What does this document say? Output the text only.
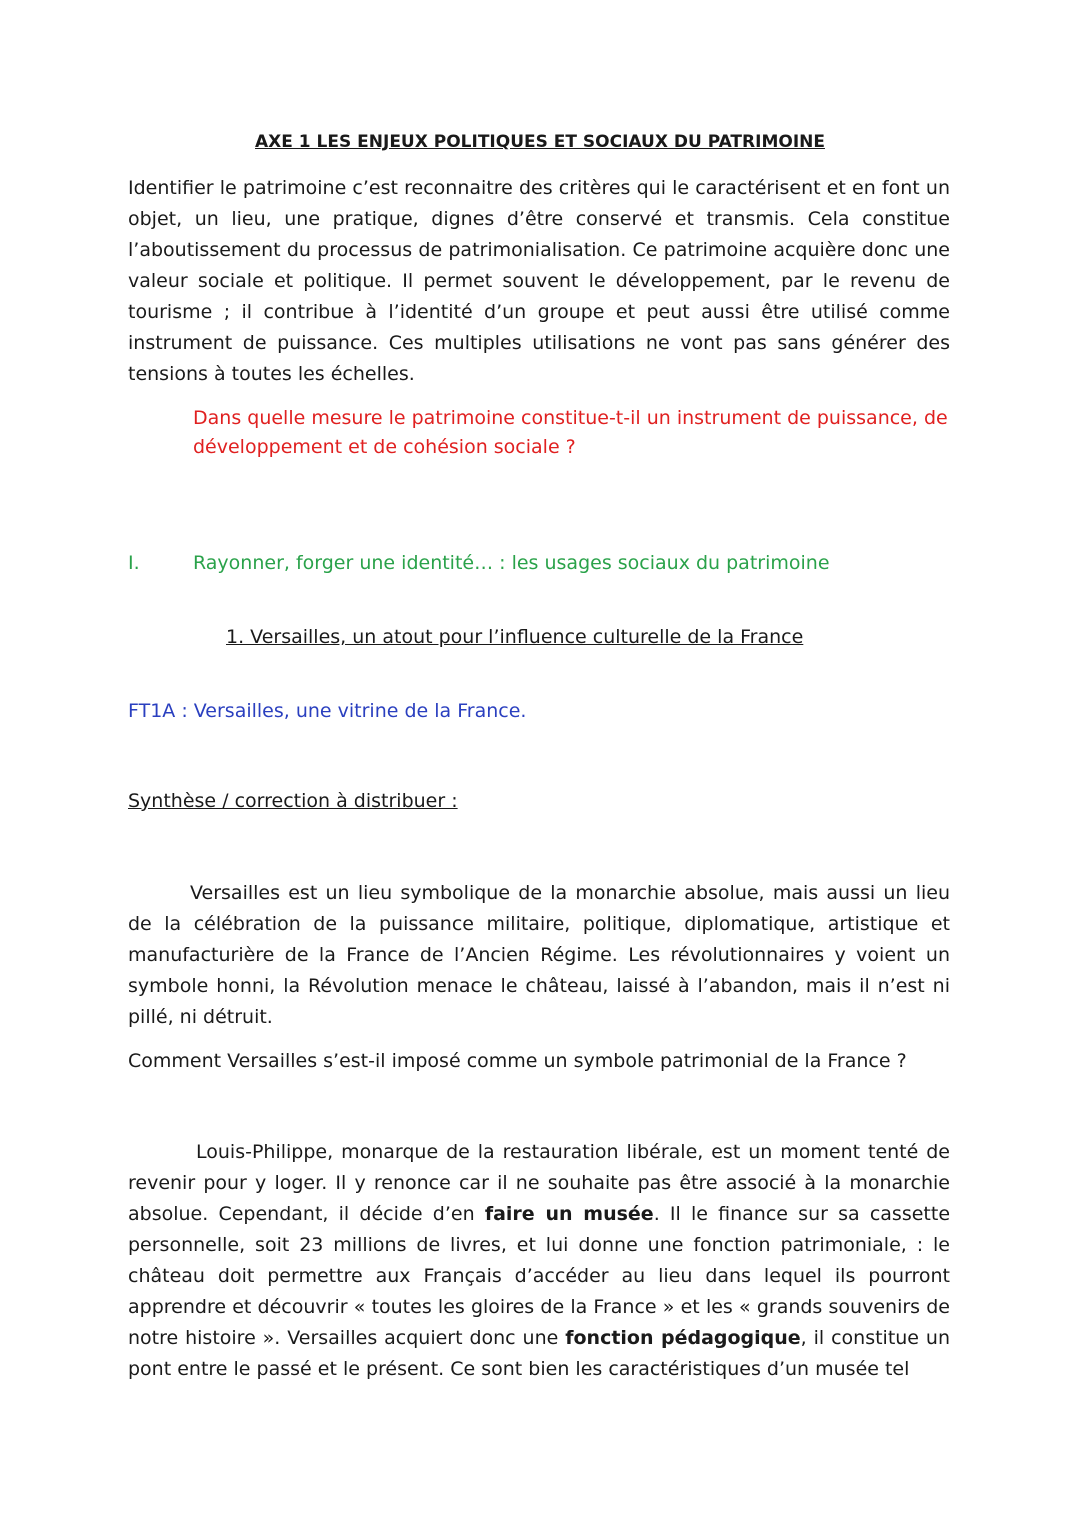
AXE 1 LES ENJEUX POLITIQUES ET SOCIAUX DU PATRIMOINE

Identifier le patrimoine c’est reconnaitre des critères qui le caractérisent et en font un objet, un lieu, une pratique, dignes d’être conservé et transmis. Cela constitue l’aboutissement du processus de patrimonialisation. Ce patrimoine acquière donc une valeur sociale et politique. Il permet souvent le développement, par le revenu de tourisme ; il contribue à l’identité d’un groupe et peut aussi être utilisé comme instrument de puissance. Ces multiples utilisations ne vont pas sans générer des tensions à toutes les échelles.

Dans quelle mesure le patrimoine constitue-t-il un instrument de puissance, de développement et de cohésion sociale ?

I.	Rayonner, forger une identité… : les usages sociaux du patrimoine
1. Versailles, un atout pour l’influence culturelle de la France
FT1A : Versailles, une vitrine de la France.
Synthèse / correction à distribuer :

Versailles est un lieu symbolique de la monarchie absolue, mais aussi un lieu de la célébration de la puissance militaire, politique, diplomatique, artistique et manufacturière de la France de l’Ancien Régime. Les révolutionnaires y voient un symbole honni, la Révolution menace le château, laissé à l’abandon, mais il n’est ni pillé, ni détruit.

Comment Versailles s’est-il imposé comme un symbole patrimonial de la France ?

Louis-Philippe, monarque de la restauration libérale, est un moment tenté de revenir pour y loger. Il y renonce car il ne souhaite pas être associé à la monarchie absolue. Cependant, il décide d’en faire un musée. Il le finance sur sa cassette personnelle, soit 23 millions de livres, et lui donne une fonction patrimoniale, : le château doit permettre aux Français d’accéder au lieu dans lequel ils pourront apprendre et découvrir « toutes les gloires de la France » et les « grands souvenirs de notre histoire ». Versailles acquiert donc une fonction pédagogique, il constitue un pont entre le passé et le présent. Ce sont bien les caractéristiques d’un musée tel
